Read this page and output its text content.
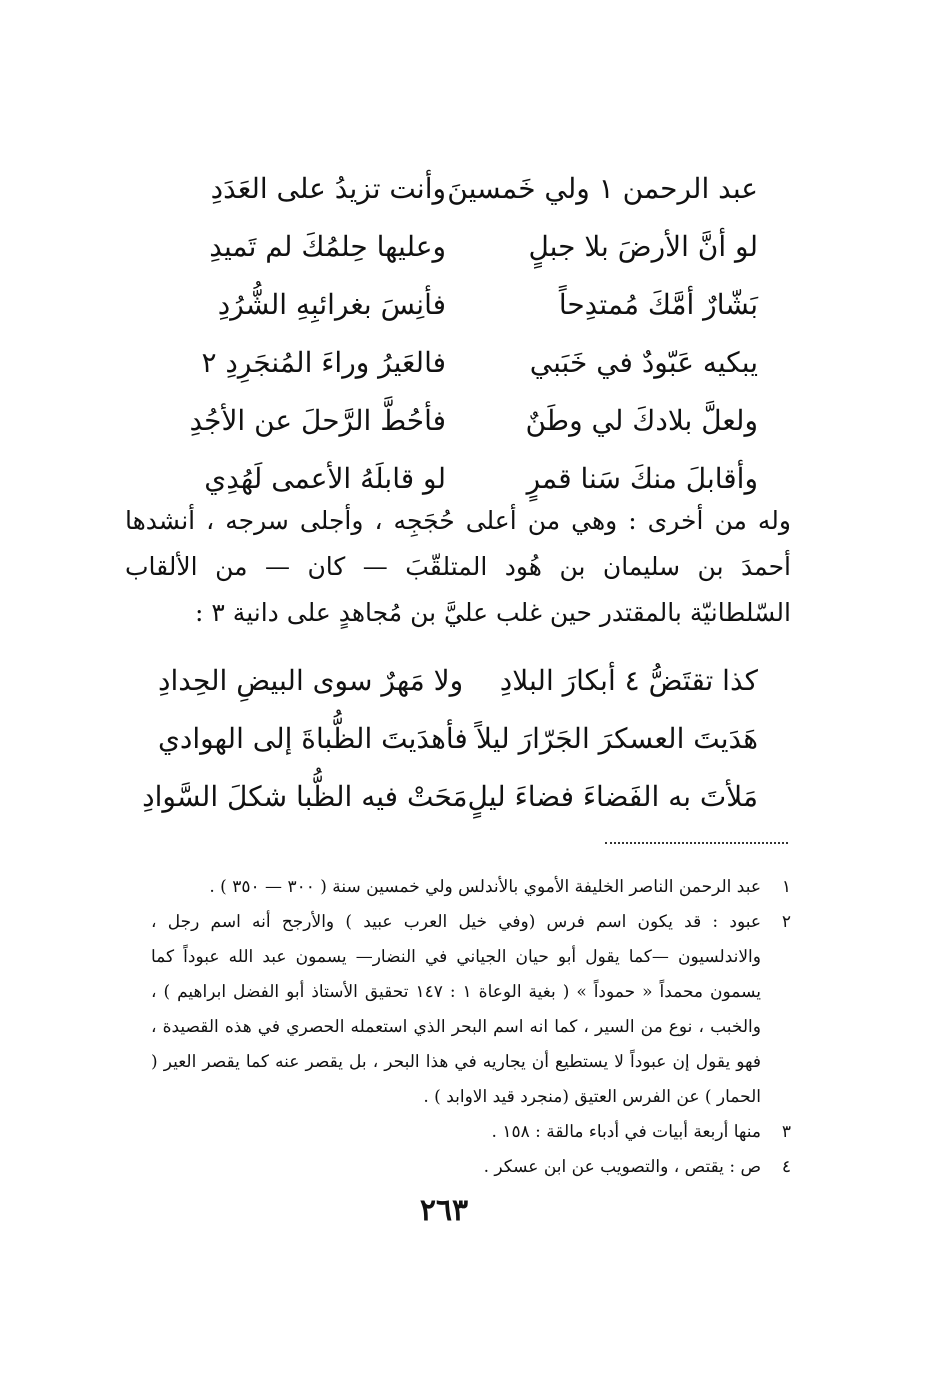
عبد الرحمن ١ ولي خَمسينَ
وأنت تزيدُ على العَدَدِ
لو أنَّ الأرضَ بلا جبلٍ
وعليها حِلمُكَ لم تَميدِ
بَشّارٌ أمَّكَ مُمتدِحاً
فأنِسَ بغرائبِهِ الشُّرُدِ
يبكيه عَبّودٌ في خَبَبي
فالعَيرُ وراءَ المُنجَرِدِ ٢
ولعلَّ بلادكَ لي وطَنٌ
فأحُطَّ الرَّحلَ عن الأجُدِ
وأقابلَ منكَ سَنا قمرٍ
لو قابلَهُ الأعمى لَهُدِي
وله من أخرى : وهي من أعلى حُجَجِه ، وأجلى سرجه ، أنشدها أحمدَ بن سليمان بن هُود المتلقّبَ — كان — من الألقاب السّلطانيّة بالمقتدر حين غلب عليَّ بن مُجاهدٍ على دانية ٣ :
كذا تقتَضُّ ٤ أبكارَ البلادِ
ولا مَهرٌ سوى البيضِ الحِدادِ
هَدَيتَ العسكرَ الجَرّارَ ليلاً
فأهدَيتَ الظُّباةَ إلى الهوادي
مَلأتَ به الفَضاءَ فضاءَ ليلٍ
مَحَتْ فيه الظُّبا شكلَ السَّوادِ
١
عبد الرحمن الناصر الخليفة الأموي بالأندلس ولي خمسين سنة ( ٣٠٠ — ٣٥٠ ) .
٢
عبود : قد يكون اسم فرس (وفي خيل العرب عبيد ) والأرجح أنه اسم رجل ، والاندلسيون —كما يقول أبو حيان الجياني في النضار— يسمون عبد الله عبوداً كما يسمون محمداً « حموداً » ( بغية الوعاة ١ : ١٤٧ تحقيق الأستاذ أبو الفضل ابراهيم ) ، والخبب ، نوع من السير ، كما انه اسم البحر الذي استعمله الحصري في هذه القصيدة ، فهو يقول إن عبوداً لا يستطيع أن يجاريه في هذا البحر ، بل يقصر عنه كما يقصر العير ( الحمار ) عن الفرس العتيق (منجرد قيد الاوابد ) .
٣
منها أربعة أبيات في أدباء مالقة : ١٥٨ .
٤
ص : يقتص ، والتصويب عن ابن عسكر .
٢٦٣
